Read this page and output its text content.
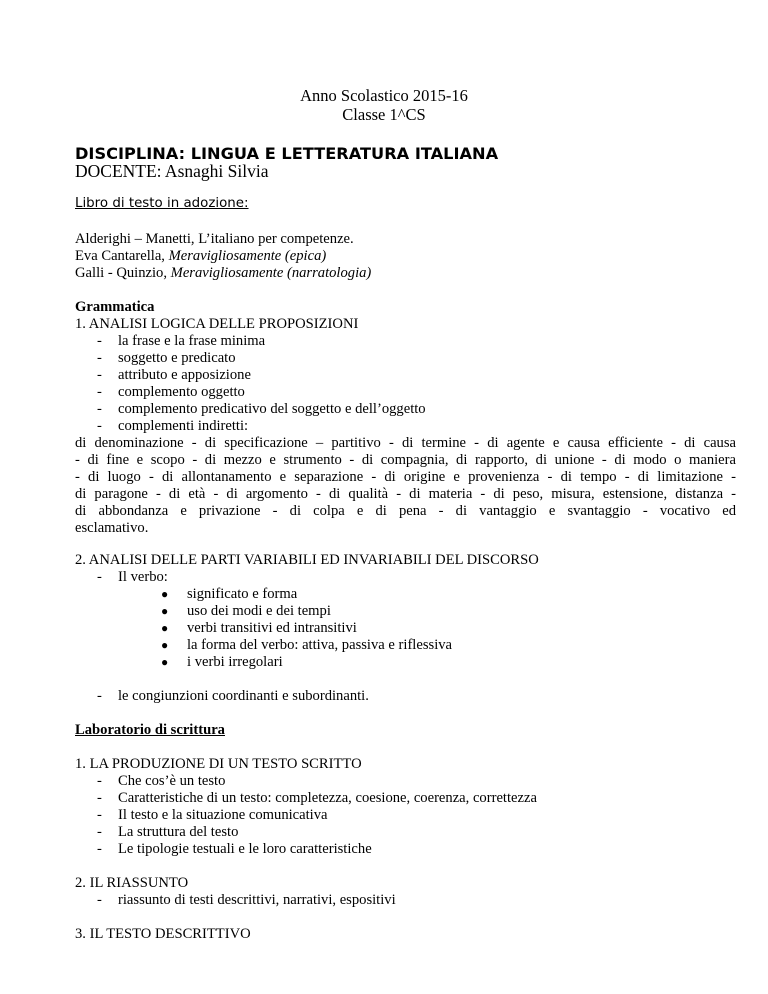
Anno Scolastico 2015-16
Classe 1^CS
DISCIPLINA: LINGUA E LETTERATURA ITALIANA
DOCENTE: Asnaghi Silvia
Libro di testo in adozione:
Alderighi – Manetti, L’italiano per competenze.
Eva Cantarella, Meravigliosamente (epica)
Galli - Quinzio, Meravigliosamente (narratologia)
Grammatica
1. ANALISI LOGICA DELLE PROPOSIZIONI
- la frase e la frase minima
- soggetto e predicato
- attributo e apposizione
- complemento oggetto
- complemento predicativo del soggetto e dell’oggetto
- complementi indiretti:
di denominazione - di specificazione – partitivo - di termine - di agente e causa efficiente - di causa
- di fine e scopo - di mezzo e strumento - di compagnia, di rapporto, di unione - di modo o maniera
- di luogo - di allontanamento e separazione - di origine e provenienza - di tempo - di limitazione -
di paragone - di età - di argomento - di qualità - di materia - di peso, misura, estensione, distanza -
di abbondanza e privazione - di colpa e di pena - di vantaggio e svantaggio - vocativo ed
esclamativo.
2. ANALISI DELLE PARTI VARIABILI ED INVARIABILI DEL DISCORSO
- Il verbo:
● significato e forma
● uso dei modi e dei tempi
● verbi transitivi ed intransitivi
● la forma del verbo: attiva, passiva e riflessiva
● i verbi irregolari
- le congiunzioni coordinanti e subordinanti.
Laboratorio di scrittura
1. LA PRODUZIONE DI UN TESTO SCRITTO
- Che cos’è un testo
- Caratteristiche di un testo: completezza, coesione, coerenza, correttezza
- Il testo e la situazione comunicativa
- La struttura del testo
- Le tipologie testuali e le loro caratteristiche
2. IL RIASSUNTO
- riassunto di testi descrittivi, narrativi, espositivi
3. IL TESTO DESCRITTIVO
